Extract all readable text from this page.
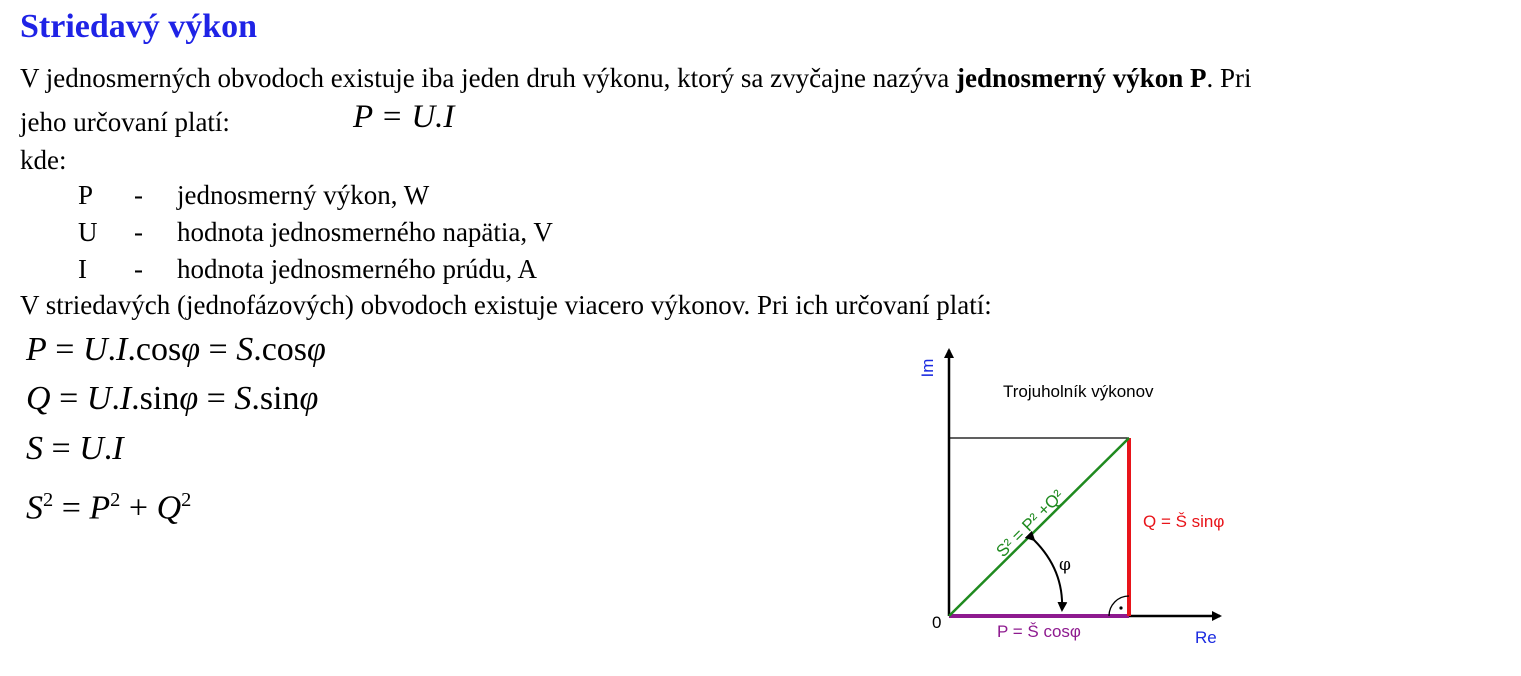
Striedavý výkon
V jednosmerných obvodoch existuje iba jeden druh výkonu, ktorý sa zvyčajne nazýva jednosmerný výkon P. Pri
jeho určovaní platí:	P = U.I
kde:
P - jednosmerný výkon, W
U - hodnota jednosmerného napätia, V
I - hodnota jednosmerného prúdu, A
V striedavých (jednofázových) obvodoch existuje viacero výkonov. Pri ich určovaní platí:
P = U.I.cosφ = S.cosφ
Q = U.I.sinφ = S.sinφ
S = U.I
$S^2 = P^2 + Q^2$
Im
Re
0
Trojuholník výkonov
Q = Š sinφ
P = Š cosφ
φ
S² = P² +Q²
